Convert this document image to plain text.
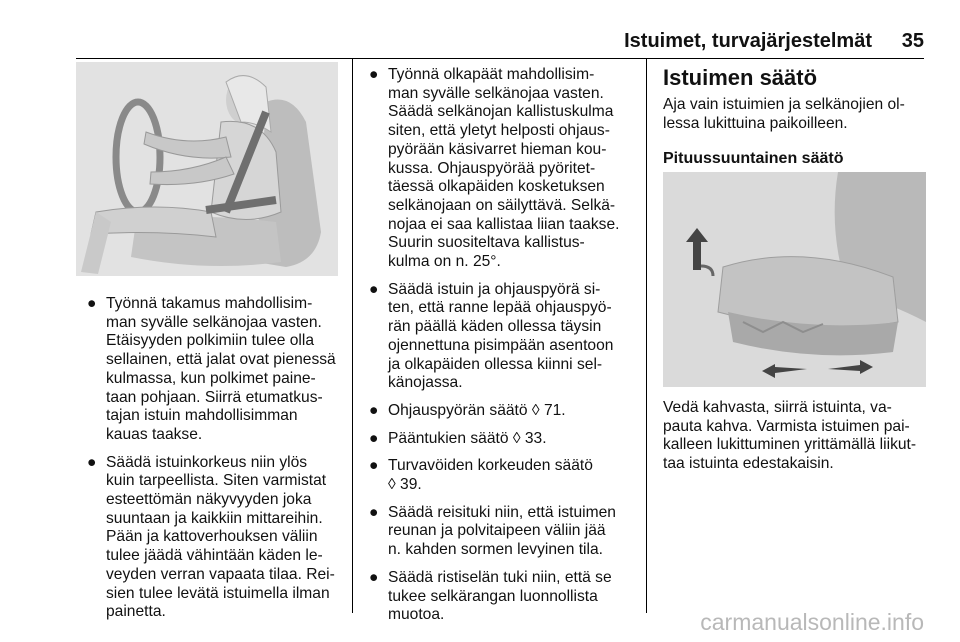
Istuimet, turvajärjestelmät 35
● Työnnä takamus mahdollisim-
man syvälle selkänojaa vasten.
Etäisyyden polkimiin tulee olla
sellainen, että jalat ovat pienessä
kulmassa, kun polkimet paine-
taan pohjaan. Siirrä etumatkus-
tajan istuin mahdollisimman
kauas taakse.
● Säädä istuinkorkeus niin ylös
kuin tarpeellista. Siten varmistat
esteettömän näkyvyyden joka
suuntaan ja kaikkiin mittareihin.
Pään ja kattoverhouksen väliin
tulee jäädä vähintään käden le-
veyden verran vapaata tilaa. Rei-
sien tulee levätä istuimella ilman
painetta.
● Työnnä olkapäät mahdollisim-
man syvälle selkänojaa vasten.
Säädä selkänojan kallistuskulma
siten, että yletyt helposti ohjaus-
pyörään käsivarret hieman kou-
kussa. Ohjauspyörää pyöritet-
täessä olkapäiden kosketuksen
selkänojaan on säilyttävä. Selkä-
nojaa ei saa kallistaa liian taakse.
Suurin suositeltava kallistus-
kulma on n. 25°.
● Säädä istuin ja ohjauspyörä si-
ten, että ranne lepää ohjauspyö-
rän päällä käden ollessa täysin
ojennettuna pisimpään asentoon
ja olkapäiden ollessa kiinni sel-
känojassa.
● Ohjauspyörän säätö ◊ 71.
● Pääntukien säätö ◊ 33.
● Turvavöiden korkeuden säätö
◊ 39.
● Säädä reisituki niin, että istuimen
reunan ja polvitaipeen väliin jää
n. kahden sormen levyinen tila.
● Säädä ristiselän tuki niin, että se
tukee selkärangan luonnollista
muotoa.
Istuimen säätö

Aja vain istuimien ja selkänojien ol-
lessa lukittuina paikoilleen.

Pituussuuntainen säätö

Vedä kahvasta, siirrä istuinta, va-
pauta kahva. Varmista istuimen pai-
kalleen lukittuminen yrittämällä liikut-
taa istuinta edestakaisin.

carmanualsonline.info
